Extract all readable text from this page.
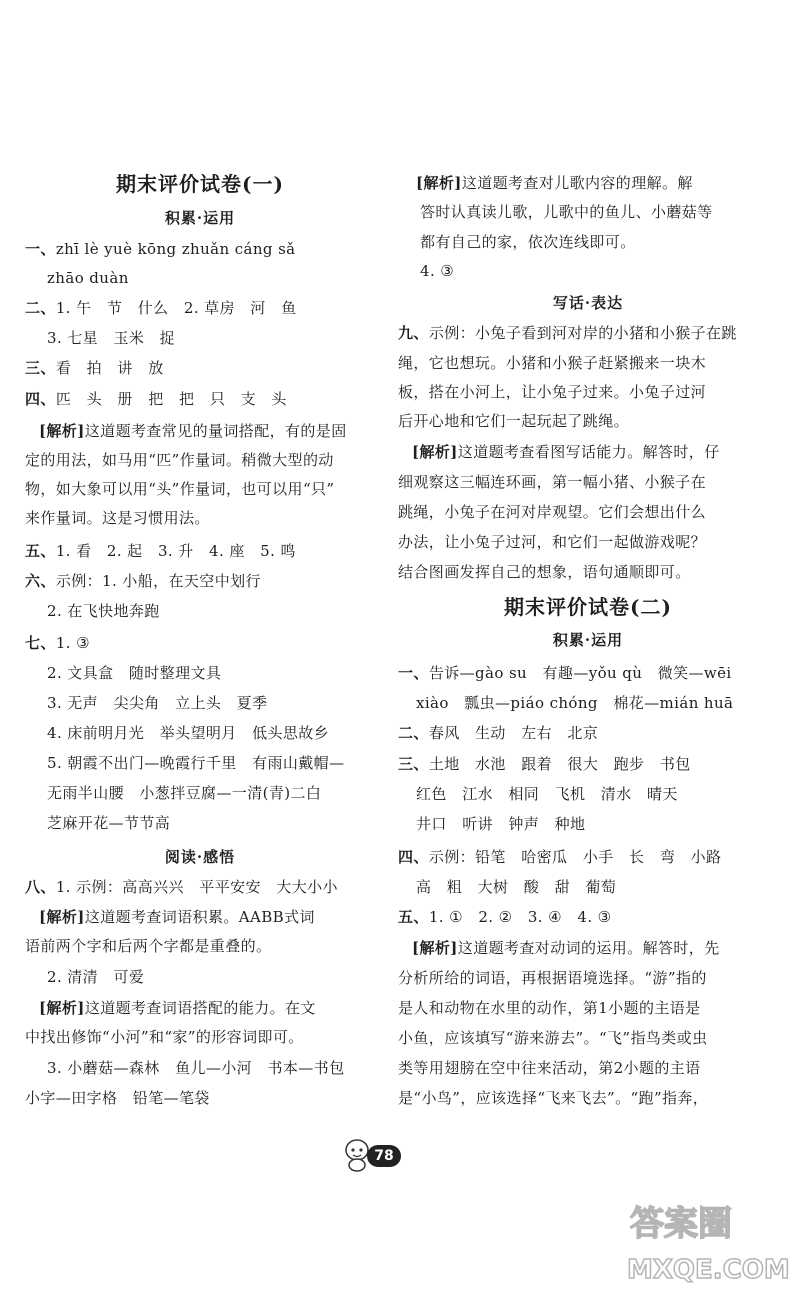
期末评价试卷(一)
积累·运用
一、zhī lè yuè kōng zhuǎn cáng sǎ
zhāo duàn
二、1. 午　节　什么　2. 草房　河　鱼
3. 七星　玉米　捉
三、看　拍　讲　放
四、匹　头　册　把　把　只　支　头
[解析]这道题考查常见的量词搭配，有的是固
定的用法，如马用“匹”作量词。稍微大型的动
物，如大象可以用“头”作量词，也可以用“只”
来作量词。这是习惯用法。
五、1. 看　2. 起　3. 升　4. 座　5. 鸣
六、示例：1. 小船，在天空中划行
2. 在飞快地奔跑
七、1. ③
2. 文具盒　随时整理文具
3. 无声　尖尖角　立上头　夏季
4. 床前明月光　举头望明月　低头思故乡
5. 朝霞不出门—晚霞行千里　有雨山戴帽—
无雨半山腰　小葱拌豆腐—一清(青)二白
芝麻开花—节节高
阅读·感悟
八、1. 示例：高高兴兴　平平安安　大大小小
[解析]这道题考查词语积累。AABB式词
语前两个字和后两个字都是重叠的。
2. 清清　可爱
[解析]这道题考查词语搭配的能力。在文
中找出修饰“小河”和“家”的形容词即可。
3. 小蘑菇—森林　鱼儿—小河　书本—书包
小字—田字格　铅笔—笔袋
[解析]这道题考查对儿歌内容的理解。解
答时认真读儿歌，儿歌中的鱼儿、小蘑菇等
都有自己的家，依次连线即可。
4. ③
写话·表达
九、示例：小兔子看到河对岸的小猪和小猴子在跳
绳，它也想玩。小猪和小猴子赶紧搬来一块木
板，搭在小河上，让小兔子过来。小兔子过河
后开心地和它们一起玩起了跳绳。
[解析]这道题考查看图写话能力。解答时，仔
细观察这三幅连环画，第一幅小猪、小猴子在
跳绳，小兔子在河对岸观望。它们会想出什么
办法，让小兔子过河，和它们一起做游戏呢？
结合图画发挥自己的想象，语句通顺即可。
期末评价试卷(二)
积累·运用
一、告诉—gào su　有趣—yǒu qù　微笑—wēi
xiào　瓢虫—piáo chóng　棉花—mián huā
二、春风　生动　左右　北京
三、土地　水池　跟着　很大　跑步　书包
红色　江水　相同　飞机　清水　晴天
井口　听讲　钟声　种地
四、示例：铅笔　哈密瓜　小手　长　弯　小路
高　粗　大树　酸　甜　葡萄
五、1. ①　2. ②　3. ④　4. ③
[解析]这道题考查对动词的运用。解答时，先
分析所给的词语，再根据语境选择。“游”指的
是人和动物在水里的动作，第1小题的主语是
小鱼，应该填写“游来游去”。“飞”指鸟类或虫
类等用翅膀在空中往来活动，第2小题的主语
是“小鸟”，应该选择“飞来飞去”。“跑”指奔，
78
答案圈
MXQE.COM
